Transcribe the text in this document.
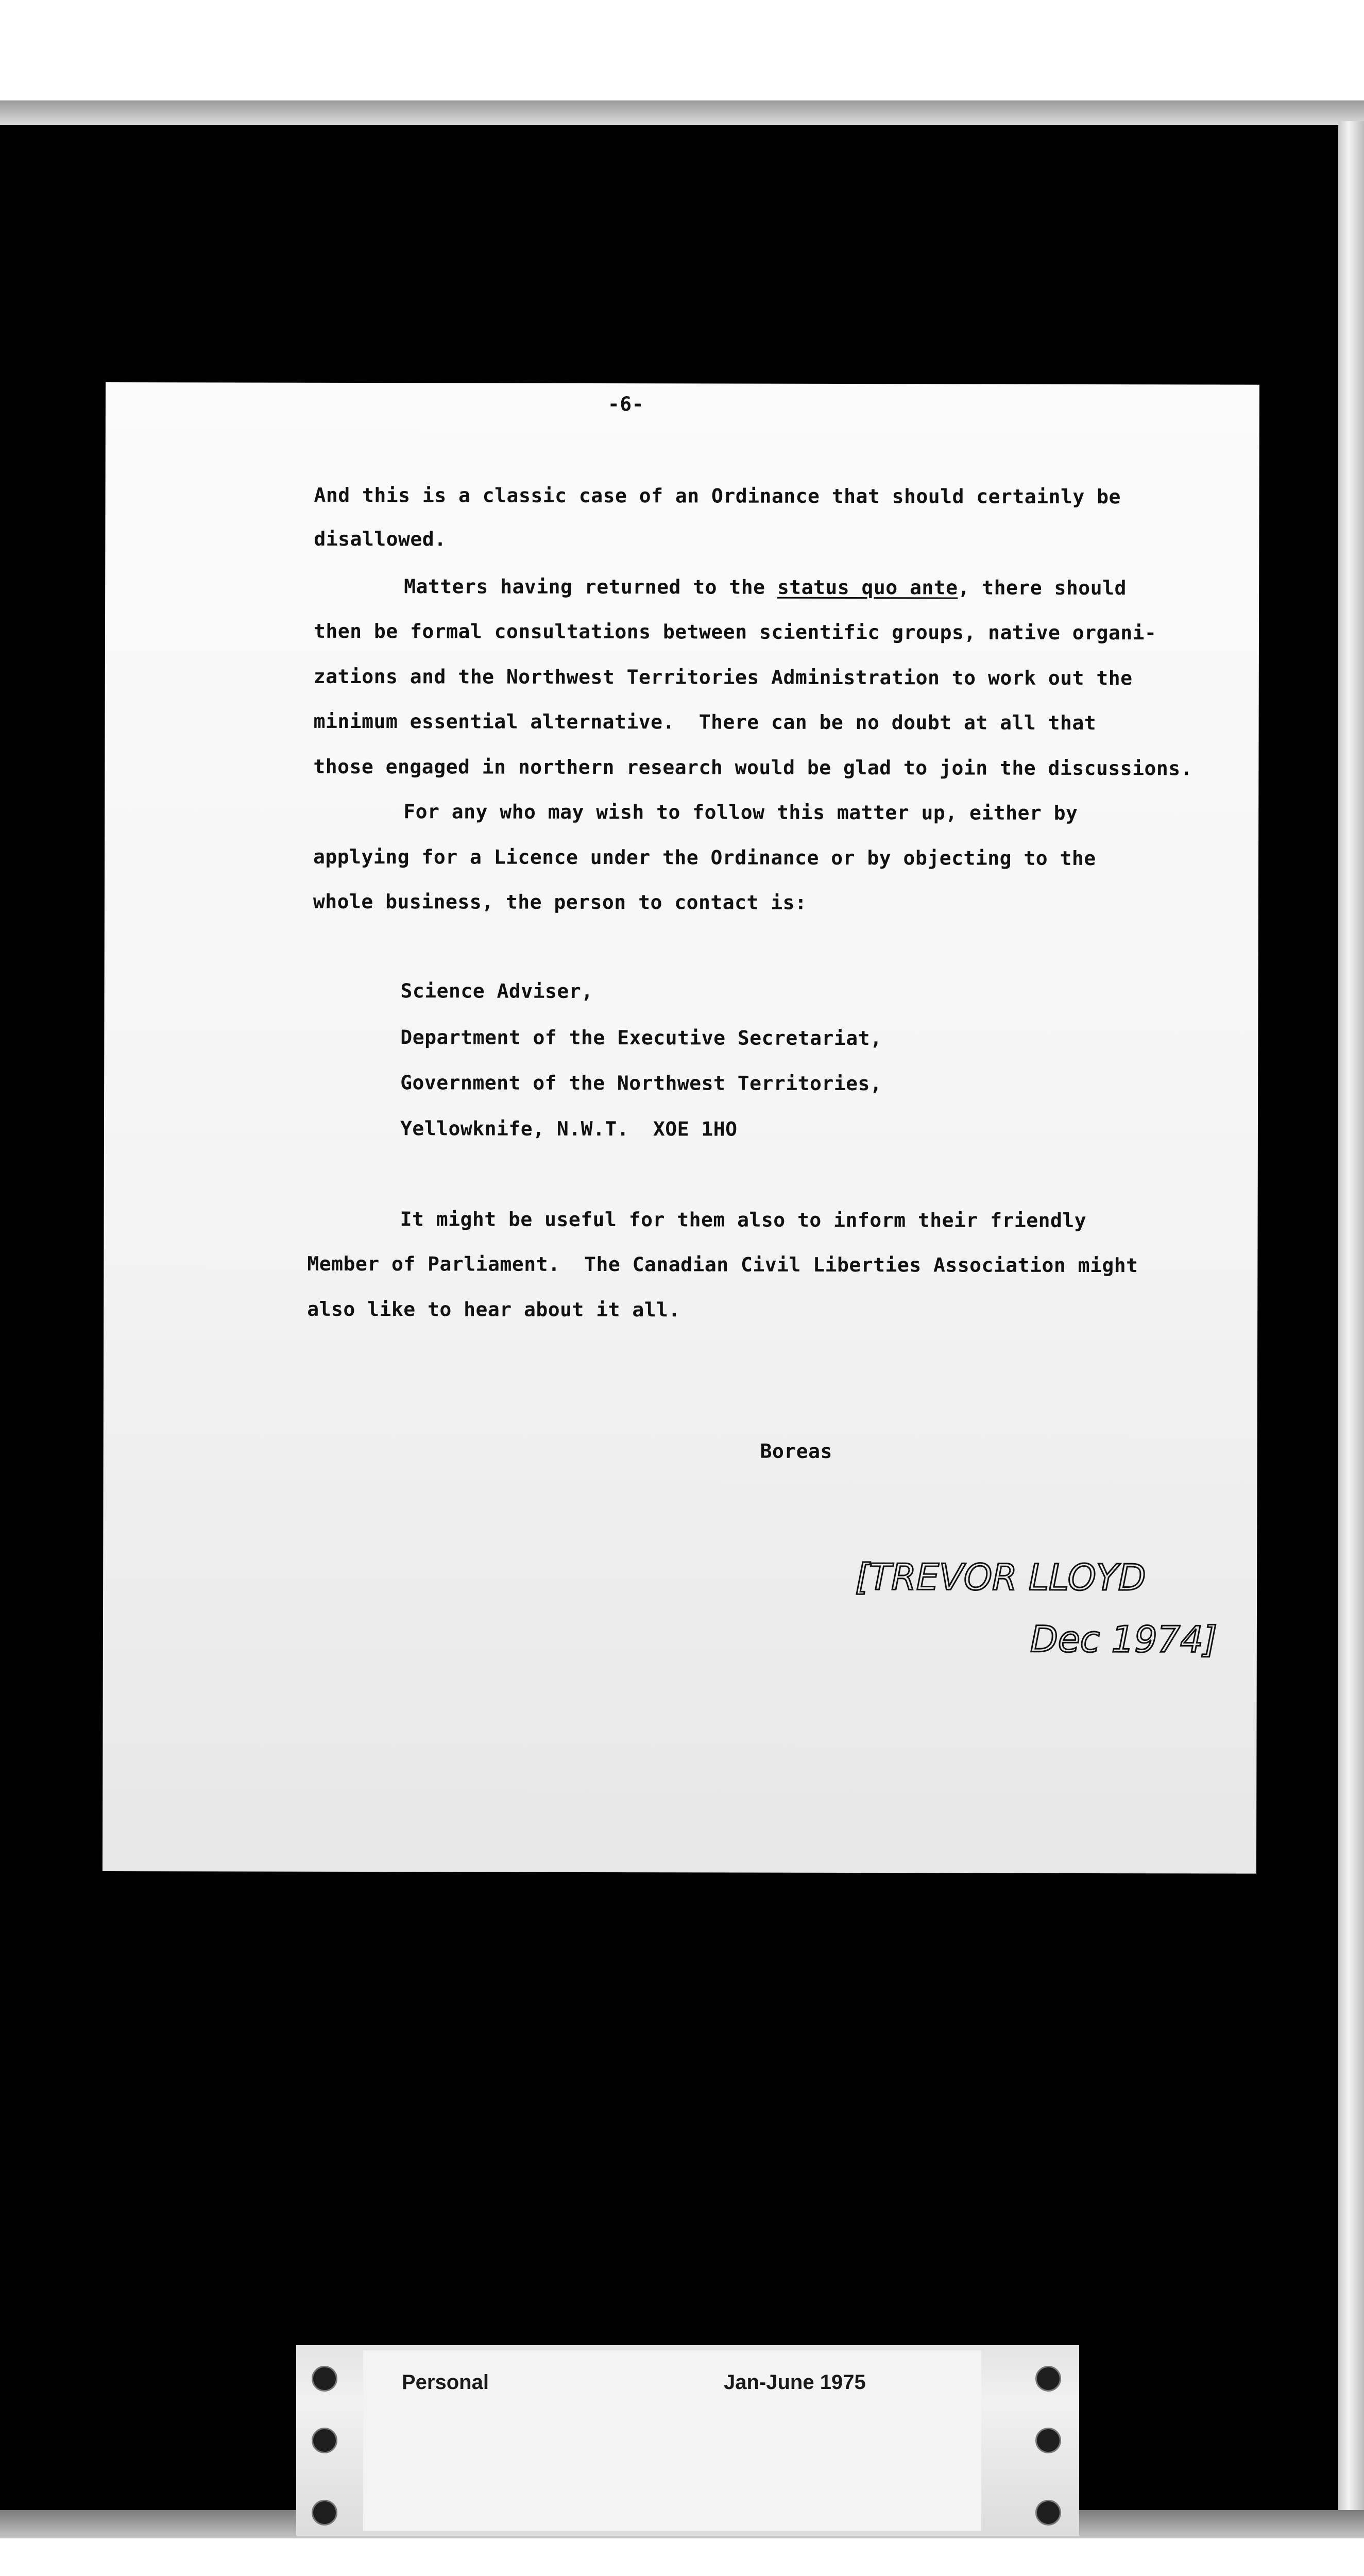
-6-
And this is a classic case of an Ordinance that should certainly be
disallowed.
Matters having returned to the status quo ante, there should
then be formal consultations between scientific groups, native organi-
zations and the Northwest Territories Administration to work out the
minimum essential alternative.  There can be no doubt at all that
those engaged in northern research would be glad to join the discussions.
For any who may wish to follow this matter up, either by
applying for a Licence under the Ordinance or by objecting to the
whole business, the person to contact is:
Science Adviser,
Department of the Executive Secretariat,
Government of the Northwest Territories,
Yellowknife, N.W.T.  XOE 1HO
It might be useful for them also to inform their friendly
Member of Parliament.  The Canadian Civil Liberties Association might
also like to hear about it all.
Boreas
[TREVOR LLOYD
Dec 1974]
Personal	Jan-June 1975
